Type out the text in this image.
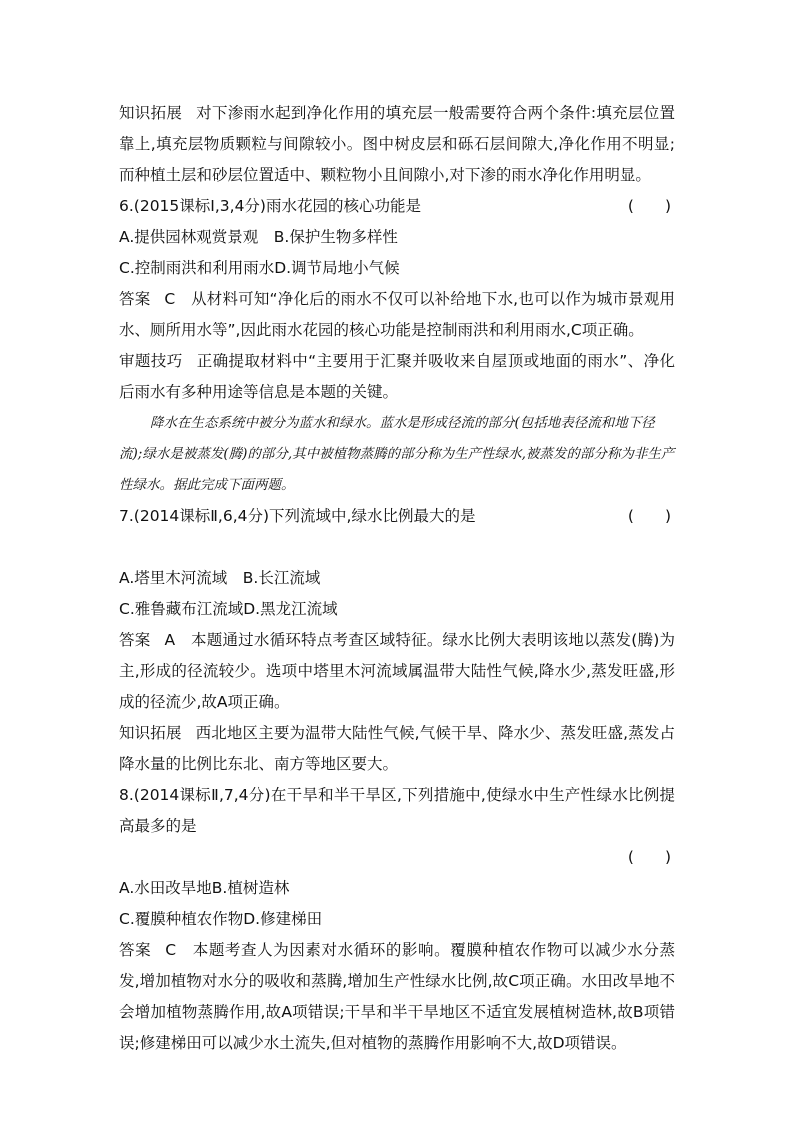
知识拓展 对下渗雨水起到净化作用的填充层一般需要符合两个条件:填充层位置靠上,填充层物质颗粒与间隙较小。图中树皮层和砾石层间隙大,净化作用不明显;而种植土层和砂层位置适中、颗粒物小且间隙小,对下渗的雨水净化作用明显。

6.(2015课标Ⅰ,3,4分)雨水花园的核心功能是	(　　)

A.提供园林观赏景观　B.保护生物多样性

C.控制雨洪和利用雨水D.调节局地小气候

答案 C　从材料可知“净化后的雨水不仅可以补给地下水,也可以作为城市景观用水、厕所用水等”,因此雨水花园的核心功能是控制雨洪和利用雨水,C项正确。

审题技巧 正确提取材料中“主要用于汇聚并吸收来自屋顶或地面的雨水”、净化后雨水有多种用途等信息是本题的关键。

降水在生态系统中被分为蓝水和绿水。蓝水是形成径流的部分(包括地表径流和地下径流);绿水是被蒸发(腾)的部分,其中被植物蒸腾的部分称为生产性绿水,被蒸发的部分称为非生产性绿水。据此完成下面两题。

7.(2014课标Ⅱ,6,4分)下列流域中,绿水比例最大的是	(　　)

A.塔里木河流域　B.长江流域

C.雅鲁藏布江流域D.黑龙江流域

答案 A　本题通过水循环特点考查区域特征。绿水比例大表明该地以蒸发(腾)为主,形成的径流较少。选项中塔里木河流域属温带大陆性气候,降水少,蒸发旺盛,形成的径流少,故A项正确。

知识拓展 西北地区主要为温带大陆性气候,气候干旱、降水少、蒸发旺盛,蒸发占降水量的比例比东北、南方等地区要大。

8.(2014课标Ⅱ,7,4分)在干旱和半干旱区,下列措施中,使绿水中生产性绿水比例提高最多的是

(　　)

A.水田改旱地B.植树造林

C.覆膜种植农作物D.修建梯田

答案 C　本题考查人为因素对水循环的影响。覆膜种植农作物可以减少水分蒸发,增加植物对水分的吸收和蒸腾,增加生产性绿水比例,故C项正确。水田改旱地不会增加植物蒸腾作用,故A项错误;干旱和半干旱地区不适宜发展植树造林,故B项错误;修建梯田可以减少水土流失,但对植物的蒸腾作用影响不大,故D项错误。
